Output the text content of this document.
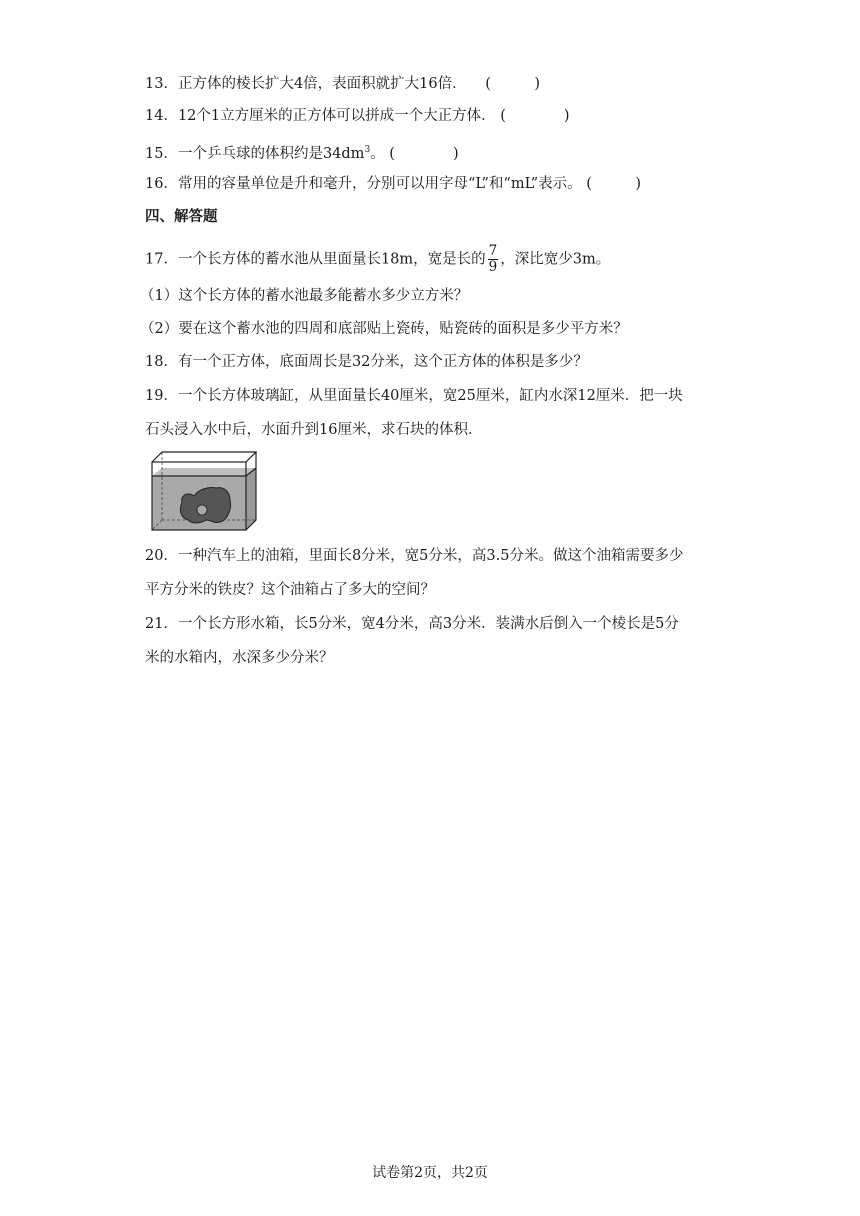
13．正方体的棱长扩大4倍，表面积就扩大16倍． (　　　)
14．12个1立方厘米的正方体可以拼成一个大正方体． (　　　　)
15．一个乒乓球的体积约是$34dm^3$。 (　　　　)
16．常用的容量单位是升和毫升，分别可以用字母“L”和“mL”表示。 (　　　)
四、解答题
17．一个长方体的蓄水池从里面量长18m，宽是长的 $\frac{7}{9}$ ，深比宽少3m。
（1）这个长方体的蓄水池最多能蓄水多少立方米？
（2）要在这个蓄水池的四周和底部贴上瓷砖，贴瓷砖的面积是多少平方米？
18．有一个正方体，底面周长是32分米，这个正方体的体积是多少？
19．一个长方体玻璃缸，从里面量长40厘米，宽25厘米，缸内水深12厘米．把一块
石头浸入水中后，水面升到16厘米，求石块的体积．
20．一种汽车上的油箱，里面长8分米，宽5分米，高3.5分米。做这个油箱需要多少
平方分米的铁皮？这个油箱占了多大的空间？
21．一个长方形水箱，长5分米，宽4分米，高3分米．装满水后倒入一个棱长是5分
米的水箱内，水深多少分米？
试卷第2页，共2页
